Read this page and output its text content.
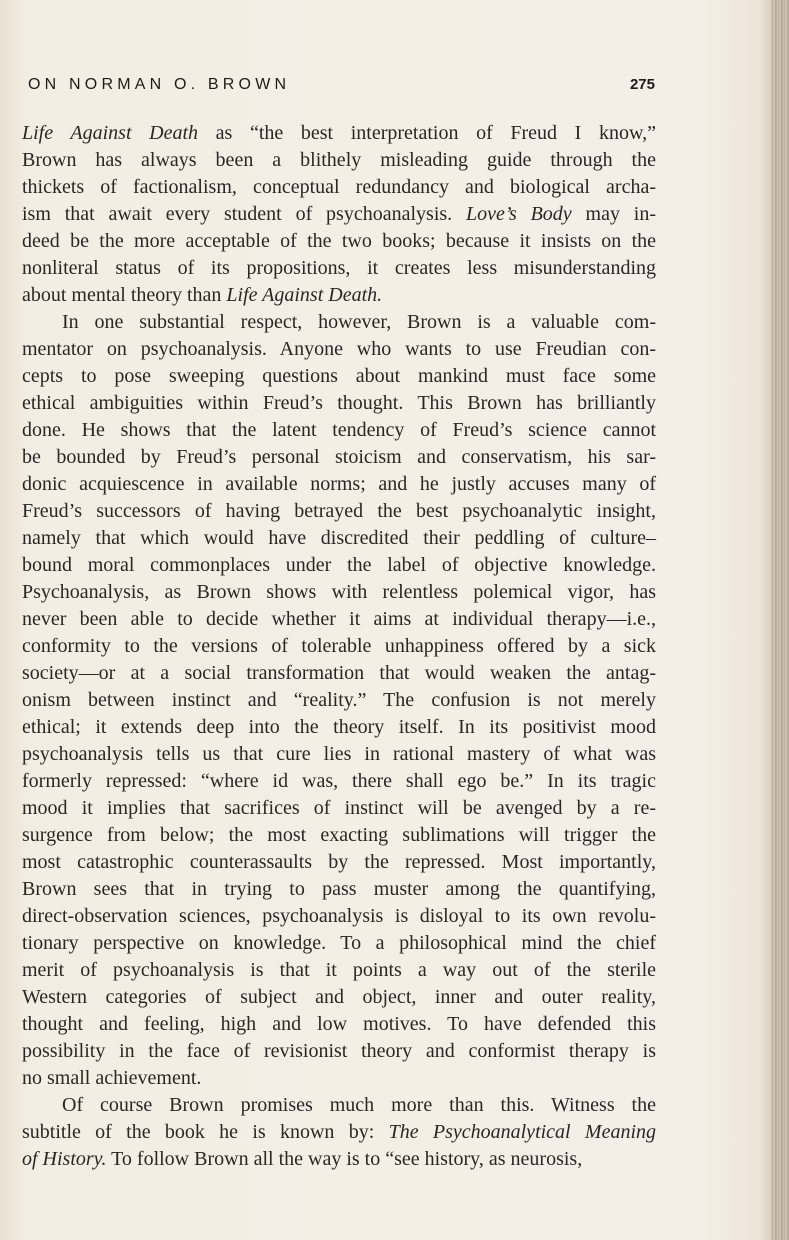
ON NORMAN O. BROWN	275
Life Against Death as “the best interpretation of Freud I know,”
Brown has always been a blithely misleading guide through the
thickets of factionalism, conceptual redundancy and biological archa-
ism that await every student of psychoanalysis. Love’s Body may in-
deed be the more acceptable of the two books; because it insists on the
nonliteral status of its propositions, it creates less misunderstanding
about mental theory than Life Against Death.
In one substantial respect, however, Brown is a valuable com-
mentator on psychoanalysis. Anyone who wants to use Freudian con-
cepts to pose sweeping questions about mankind must face some
ethical ambiguities within Freud’s thought. This Brown has brilliantly
done. He shows that the latent tendency of Freud’s science cannot
be bounded by Freud’s personal stoicism and conservatism, his sar-
donic acquiescence in available norms; and he justly accuses many of
Freud’s successors of having betrayed the best psychoanalytic insight,
namely that which would have discredited their peddling of culture–
bound moral commonplaces under the label of objective knowledge.
Psychoanalysis, as Brown shows with relentless polemical vigor, has
never been able to decide whether it aims at individual therapy—i.e.,
conformity to the versions of tolerable unhappiness offered by a sick
society—or at a social transformation that would weaken the antag-
onism between instinct and “reality.” The confusion is not merely
ethical; it extends deep into the theory itself. In its positivist mood
psychoanalysis tells us that cure lies in rational mastery of what was
formerly repressed: “where id was, there shall ego be.” In its tragic
mood it implies that sacrifices of instinct will be avenged by a re-
surgence from below; the most exacting sublimations will trigger the
most catastrophic counterassaults by the repressed. Most importantly,
Brown sees that in trying to pass muster among the quantifying,
direct-observation sciences, psychoanalysis is disloyal to its own revolu-
tionary perspective on knowledge. To a philosophical mind the chief
merit of psychoanalysis is that it points a way out of the sterile
Western categories of subject and object, inner and outer reality,
thought and feeling, high and low motives. To have defended this
possibility in the face of revisionist theory and conformist therapy is
no small achievement.
Of course Brown promises much more than this. Witness the
subtitle of the book he is known by: The Psychoanalytical Meaning
of History. To follow Brown all the way is to “see history, as neurosis,
